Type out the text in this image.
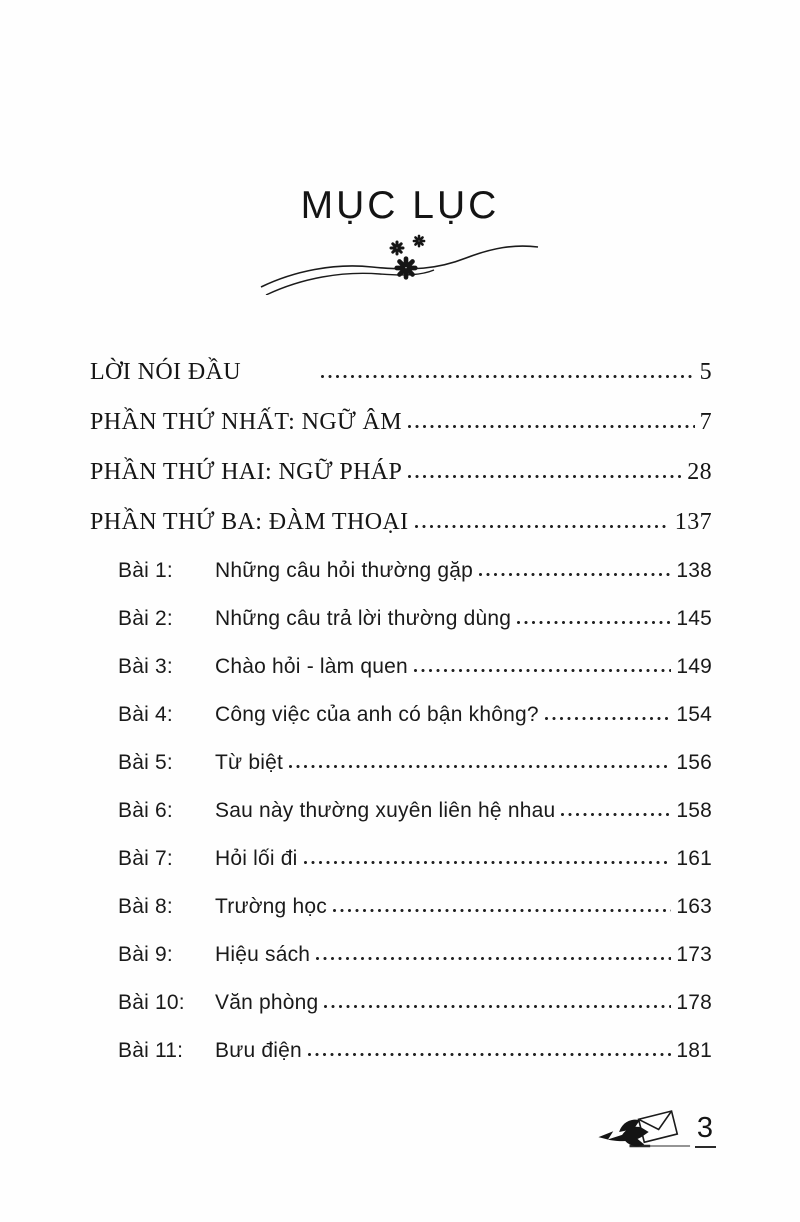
MỤC LỤC
LỜI NÓI ĐẦU	5
PHẦN THỨ NHẤT: NGỮ ÂM	7
PHẦN THỨ HAI: NGỮ PHÁP	28
PHẦN THỨ BA: ĐÀM THOẠI	137
Bài 1:	Những câu hỏi thường gặp	138
Bài 2:	Những câu trả lời thường dùng	145
Bài 3:	Chào hỏi - làm quen	149
Bài 4:	Công việc của anh có bận không?	154
Bài 5:	Từ biệt	156
Bài 6:	Sau này thường xuyên liên hệ nhau	158
Bài 7:	Hỏi lối đi	161
Bài 8:	Trường học	163
Bài 9:	Hiệu sách	173
Bài 10:	Văn phòng	178
Bài 11:	Bưu điện	181
3
